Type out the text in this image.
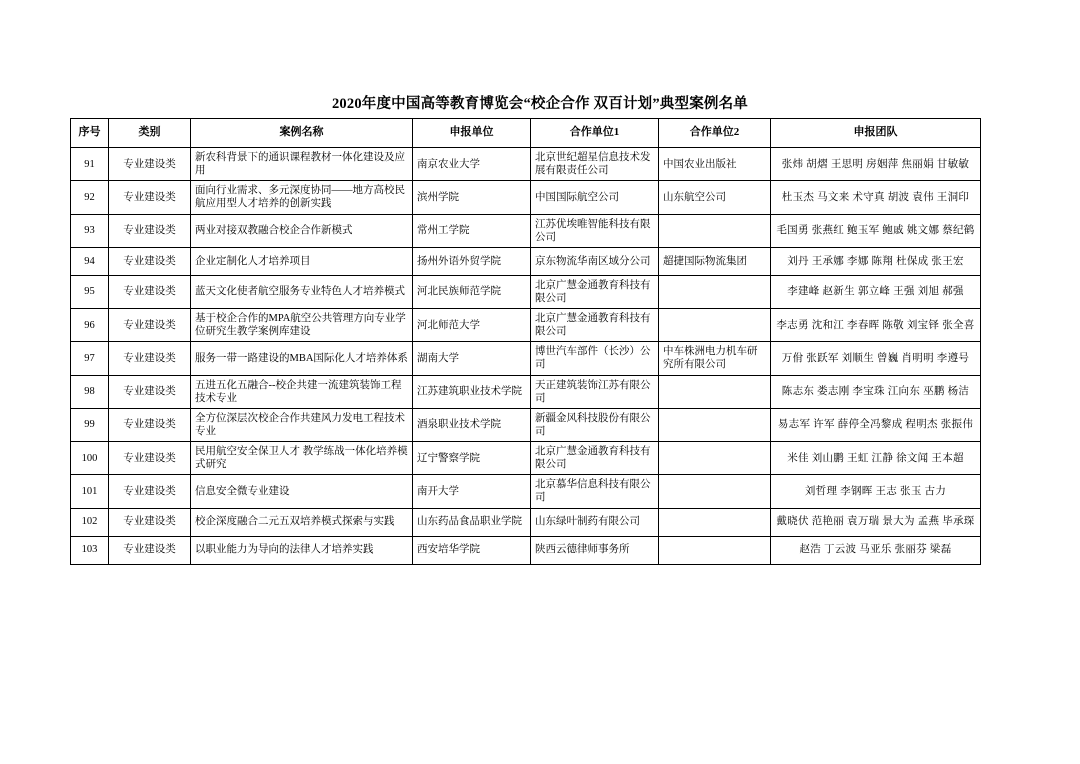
2020年度中国高等教育博览会“校企合作 双百计划”典型案例名单
序号	类别	案例名称	申报单位	合作单位1	合作单位2	申报团队
91	专业建设类	新农科背景下的通识课程教材一体化建设及应用	南京农业大学	北京世纪超星信息技术发展有限责任公司	中国农业出版社	张炜 胡熠 王思明 房姻萍 焦丽娟 甘敏敏
92	专业建设类	面向行业需求、多元深度协同——地方高校民航应用型人才培养的创新实践	滨州学院	中国国际航空公司	山东航空公司	杜玉杰 马文来 术守真 胡波 袁伟 王洞印
93	专业建设类	两业对接双教融合校企合作新模式	常州工学院	江苏优埃唯智能科技有限公司		毛国勇 张燕红 鲍玉军 鲍戚 姚文娜 蔡纪鹤
94	专业建设类	企业定制化人才培养项目	扬州外语外贸学院	京东物流华南区域分公司	超捷国际物流集团	刘丹 王承娜 李娜 陈翔 杜保成 张王宏
95	专业建设类	蓝天文化使者航空服务专业特色人才培养模式	河北民族师范学院	北京广慧金通教育科技有限公司		李建峰 赵新生 郭立峰 王强 刘旭 郝强
96	专业建设类	基于校企合作的MPA航空公共管理方向专业学位研究生教学案例库建设	河北师范大学	北京广慧金通教育科技有限公司		李志勇 沈和江 李春晖 陈敬 刘宝铎 张全喜
97	专业建设类	服务一带一路建设的MBA国际化人才培养体系	湖南大学	博世汽车部件（长沙）公司	中车株洲电力机车研究所有限公司	万佾 张跃军 刘顺生 曾巍 肖明明 李遵号
98	专业建设类	五进五化五融合--校企共建一流建筑装饰工程技术专业	江苏建筑职业技术学院	天正建筑装饰江苏有限公司		陈志东 娄志刚 李宝珠 江向东 巫鹏 杨洁
99	专业建设类	全方位深层次校企合作共建风力发电工程技术专业	酒泉职业技术学院	新疆金风科技股份有限公司		易志军 许军 薛停全冯黎成 程明杰 张振伟
100	专业建设类	民用航空安全保卫人才 教学练战一体化培养模式研究	辽宁警察学院	北京广慧金通教育科技有限公司		米佳 刘山鹏 王虹 江静 徐文闻 王本超
101	专业建设类	信息安全微专业建设	南开大学	北京慕华信息科技有限公司		刘哲理 李钢晖 王志 张玉 古力
102	专业建设类	校企深度融合二元五双培养模式探索与实践	山东药品食品职业学院	山东绿叶制药有限公司		戴晓伏 范艳丽 袁万瑞 景大为 孟燕 毕承琛
103	专业建设类	以职业能力为导向的法律人才培养实践	西安培华学院	陕西云德律师事务所		赵浩 丁云波 马亚乐 张丽芬 梁磊
